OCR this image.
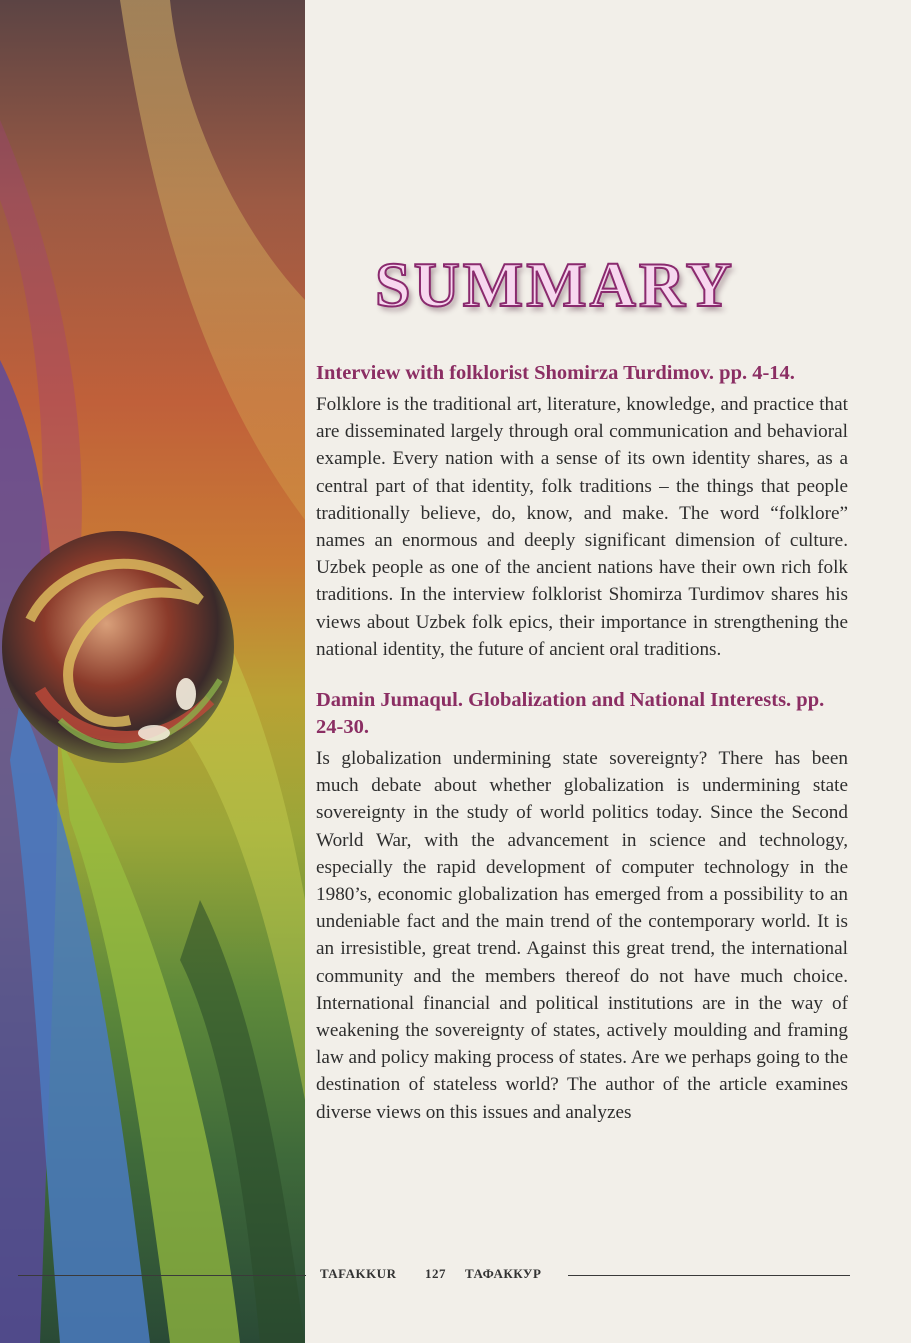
SUMMARY

Interview with folklorist Shomirza Turdimov. pp. 4-14.

Folklore is the traditional art, literature, knowledge, and practice that are disseminated largely through oral communication and behavioral example. Every nation with a sense of its own identity shares, as a central part of that identity, folk traditions – the things that people traditionally believe, do, know, and make. The word “folklore” names an enormous and deeply significant dimension of culture. Uzbek people as one of the ancient nations have their own rich folk traditions. In the interview folklorist Shomirza Turdimov shares his views about Uzbek folk epics, their importance in strengthening the national identity, the future of ancient oral traditions.

Damin Jumaqul. Globalization and National Interests. pp. 24-30.

Is globalization undermining state sovereignty? There has been much debate about whether globalization is undermining state sovereignty in the study of world politics today. Since the Second World War, with the advancement in science and technology, especially the rapid development of computer technology in the 1980’s, economic globalization has emerged from a possibility to an undeniable fact and the main trend of the contemporary world. It is an irresistible, great trend. Against this great trend, the international community and the members thereof do not have much choice. International financial and political institutions are in the way of weakening the sovereignty of states, actively moulding and framing law and policy making process of states. Are we perhaps going to the destination of stateless world? The author of the article examines diverse views on this issues and analyzes

TAFAKKUR 127 ТАФАККУР
